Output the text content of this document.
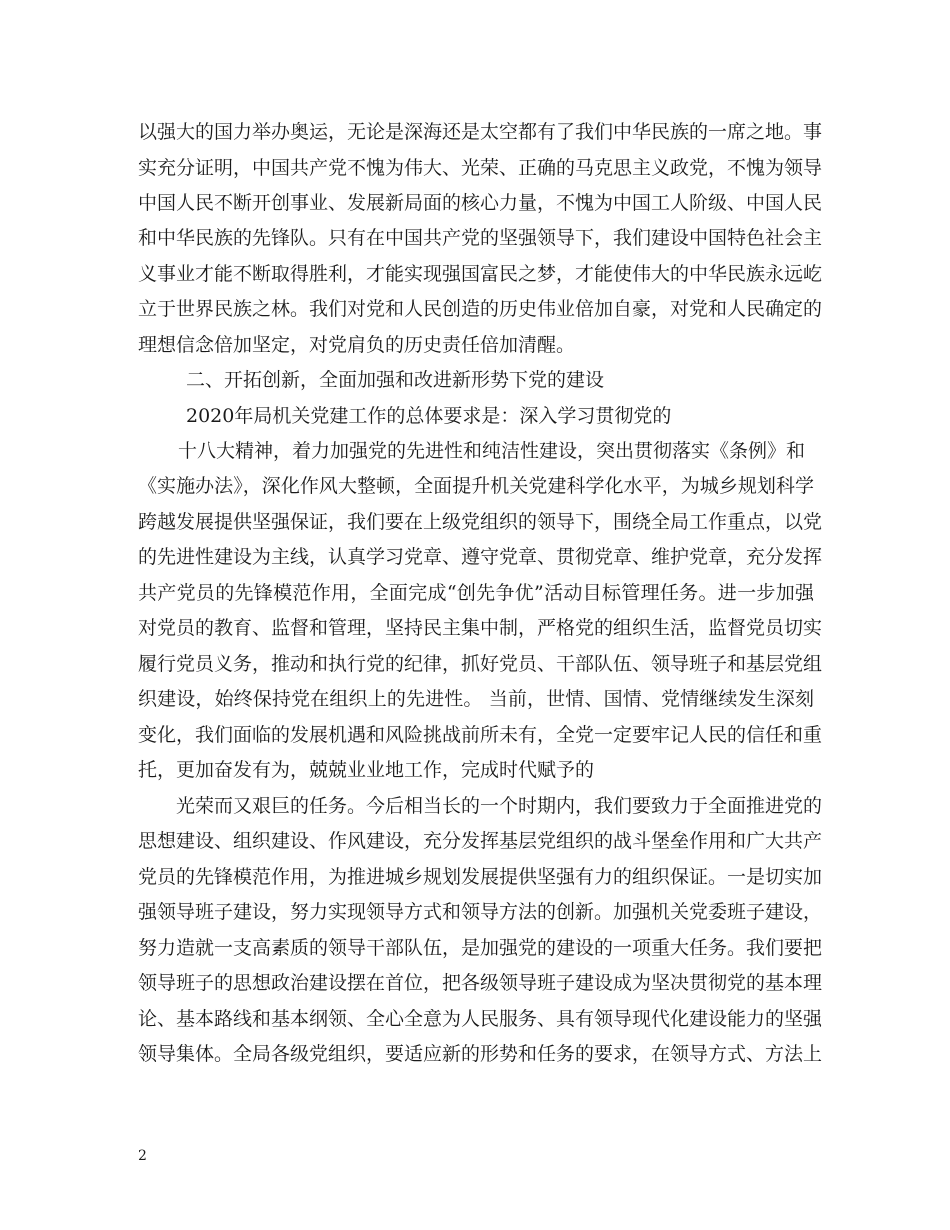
以强大的国力举办奥运，无论是深海还是太空都有了我们中华民族的一席之地。事
实充分证明，中国共产党不愧为伟大、光荣、正确的马克思主义政党，不愧为领导
中国人民不断开创事业、发展新局面的核心力量，不愧为中国工人阶级、中国人民
和中华民族的先锋队。只有在中国共产党的坚强领导下，我们建设中国特色社会主
义事业才能不断取得胜利，才能实现强国富民之梦，才能使伟大的中华民族永远屹
立于世界民族之林。我们对党和人民创造的历史伟业倍加自豪，对党和人民确定的
理想信念倍加坚定，对党肩负的历史责任倍加清醒。
二、开拓创新，全面加强和改进新形势下党的建设
2020年局机关党建工作的总体要求是：深入学习贯彻党的
十八大精神，着力加强党的先进性和纯洁性建设，突出贯彻落实《条例》和
《实施办法》，深化作风大整顿，全面提升机关党建科学化水平，为城乡规划科学
跨越发展提供坚强保证，我们要在上级党组织的领导下，围绕全局工作重点，以党
的先进性建设为主线，认真学习党章、遵守党章、贯彻党章、维护党章，充分发挥
共产党员的先锋模范作用，全面完成“创先争优”活动目标管理任务。进一步加强
对党员的教育、监督和管理，坚持民主集中制，严格党的组织生活，监督党员切实
履行党员义务，推动和执行党的纪律，抓好党员、干部队伍、领导班子和基层党组
织建设，始终保持党在组织上的先进性。 当前，世情、国情、党情继续发生深刻
变化，我们面临的发展机遇和风险挑战前所未有，全党一定要牢记人民的信任和重
托，更加奋发有为，兢兢业业地工作，完成时代赋予的
光荣而又艰巨的任务。今后相当长的一个时期内，我们要致力于全面推进党的
思想建设、组织建设、作风建设，充分发挥基层党组织的战斗堡垒作用和广大共产
党员的先锋模范作用，为推进城乡规划发展提供坚强有力的组织保证。一是切实加
强领导班子建设，努力实现领导方式和领导方法的创新。加强机关党委班子建设，
努力造就一支高素质的领导干部队伍，是加强党的建设的一项重大任务。我们要把
领导班子的思想政治建设摆在首位，把各级领导班子建设成为坚决贯彻党的基本理
论、基本路线和基本纲领、全心全意为人民服务、具有领导现代化建设能力的坚强
领导集体。全局各级党组织，要适应新的形势和任务的要求，在领导方式、方法上
2
